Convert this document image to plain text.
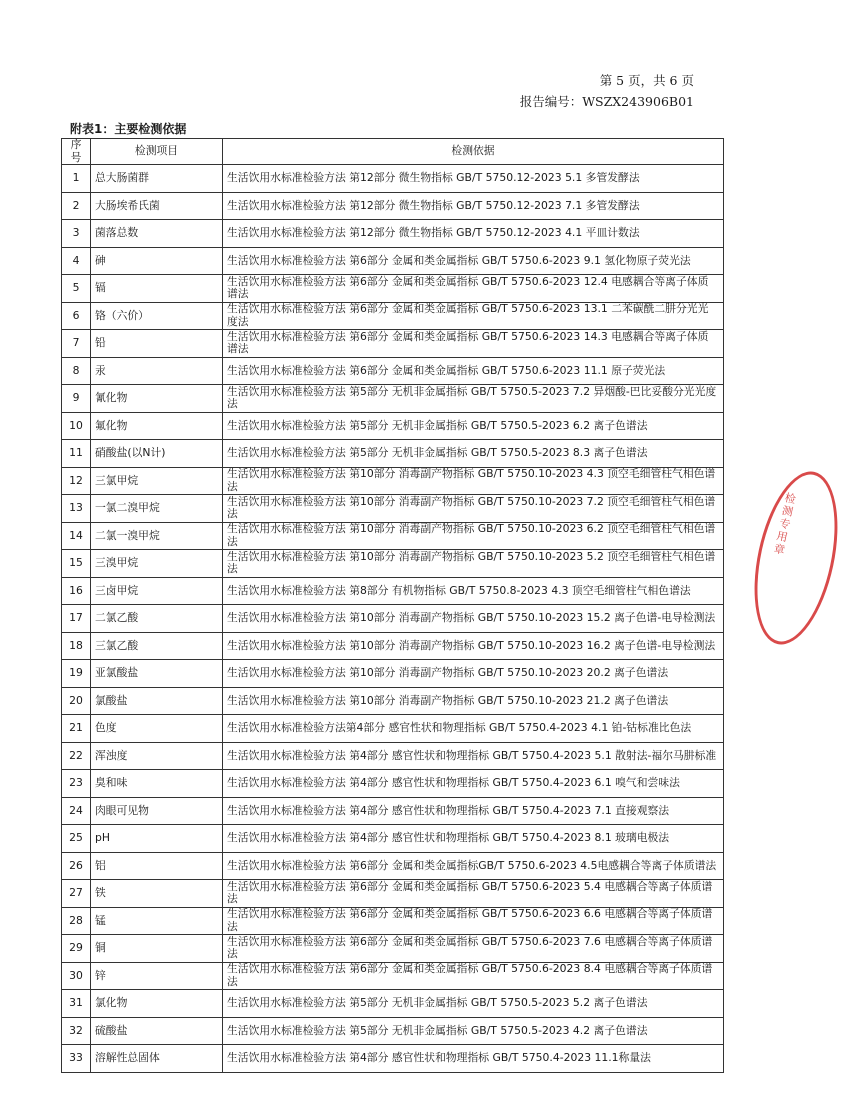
第 5 页，共 6 页
报告编号：WSZX243906B01
附表1：主要检测依据
序号	检测项目	检测依据
1	总大肠菌群	生活饮用水标准检验方法 第12部分 微生物指标 GB/T 5750.12-2023 5.1 多管发酵法
2	大肠埃希氏菌	生活饮用水标准检验方法 第12部分 微生物指标 GB/T 5750.12-2023 7.1 多管发酵法
3	菌落总数	生活饮用水标准检验方法 第12部分 微生物指标 GB/T 5750.12-2023 4.1 平皿计数法
4	砷	生活饮用水标准检验方法 第6部分 金属和类金属指标 GB/T 5750.6-2023 9.1 氢化物原子荧光法
5	镉	生活饮用水标准检验方法 第6部分 金属和类金属指标 GB/T 5750.6-2023 12.4 电感耦合等离子体质谱法
6	铬（六价）	生活饮用水标准检验方法 第6部分 金属和类金属指标 GB/T 5750.6-2023 13.1 二苯碳酰二肼分光光度法
7	铅	生活饮用水标准检验方法 第6部分 金属和类金属指标 GB/T 5750.6-2023 14.3 电感耦合等离子体质谱法
8	汞	生活饮用水标准检验方法 第6部分 金属和类金属指标 GB/T 5750.6-2023 11.1 原子荧光法
9	氰化物	生活饮用水标准检验方法 第5部分 无机非金属指标 GB/T 5750.5-2023 7.2 异烟酸-巴比妥酸分光光度法
10	氟化物	生活饮用水标准检验方法 第5部分 无机非金属指标 GB/T 5750.5-2023 6.2 离子色谱法
11	硝酸盐(以N计)	生活饮用水标准检验方法 第5部分 无机非金属指标 GB/T 5750.5-2023 8.3 离子色谱法
12	三氯甲烷	生活饮用水标准检验方法 第10部分 消毒副产物指标 GB/T 5750.10-2023 4.3 顶空毛细管柱气相色谱法
13	一氯二溴甲烷	生活饮用水标准检验方法 第10部分 消毒副产物指标 GB/T 5750.10-2023 7.2 顶空毛细管柱气相色谱法
14	二氯一溴甲烷	生活饮用水标准检验方法 第10部分 消毒副产物指标 GB/T 5750.10-2023 6.2 顶空毛细管柱气相色谱法
15	三溴甲烷	生活饮用水标准检验方法 第10部分 消毒副产物指标 GB/T 5750.10-2023 5.2 顶空毛细管柱气相色谱法
16	三卤甲烷	生活饮用水标准检验方法 第8部分 有机物指标 GB/T 5750.8-2023 4.3 顶空毛细管柱气相色谱法
17	二氯乙酸	生活饮用水标准检验方法 第10部分 消毒副产物指标 GB/T 5750.10-2023 15.2 离子色谱-电导检测法
18	三氯乙酸	生活饮用水标准检验方法 第10部分 消毒副产物指标 GB/T 5750.10-2023 16.2 离子色谱-电导检测法
19	亚氯酸盐	生活饮用水标准检验方法 第10部分 消毒副产物指标 GB/T 5750.10-2023 20.2 离子色谱法
20	氯酸盐	生活饮用水标准检验方法 第10部分 消毒副产物指标 GB/T 5750.10-2023 21.2 离子色谱法
21	色度	生活饮用水标准检验方法第4部分 感官性状和物理指标 GB/T 5750.4-2023 4.1 铂-钴标准比色法
22	浑浊度	生活饮用水标准检验方法 第4部分 感官性状和物理指标 GB/T 5750.4-2023 5.1 散射法-福尔马肼标准
23	臭和味	生活饮用水标准检验方法 第4部分 感官性状和物理指标 GB/T 5750.4-2023 6.1 嗅气和尝味法
24	肉眼可见物	生活饮用水标准检验方法 第4部分 感官性状和物理指标 GB/T 5750.4-2023 7.1 直接观察法
25	pH	生活饮用水标准检验方法 第4部分 感官性状和物理指标 GB/T 5750.4-2023 8.1 玻璃电极法
26	铝	生活饮用水标准检验方法 第6部分 金属和类金属指标GB/T 5750.6-2023 4.5电感耦合等离子体质谱法
27	铁	生活饮用水标准检验方法 第6部分 金属和类金属指标 GB/T 5750.6-2023 5.4 电感耦合等离子体质谱法
28	锰	生活饮用水标准检验方法 第6部分 金属和类金属指标 GB/T 5750.6-2023 6.6 电感耦合等离子体质谱法
29	铜	生活饮用水标准检验方法 第6部分 金属和类金属指标 GB/T 5750.6-2023 7.6 电感耦合等离子体质谱法
30	锌	生活饮用水标准检验方法 第6部分 金属和类金属指标 GB/T 5750.6-2023 8.4 电感耦合等离子体质谱法
31	氯化物	生活饮用水标准检验方法 第5部分 无机非金属指标 GB/T 5750.5-2023 5.2 离子色谱法
32	硫酸盐	生活饮用水标准检验方法 第5部分 无机非金属指标 GB/T 5750.5-2023 4.2 离子色谱法
33	溶解性总固体	生活饮用水标准检验方法 第4部分 感官性状和物理指标 GB/T 5750.4-2023 11.1称量法
检测专用章
